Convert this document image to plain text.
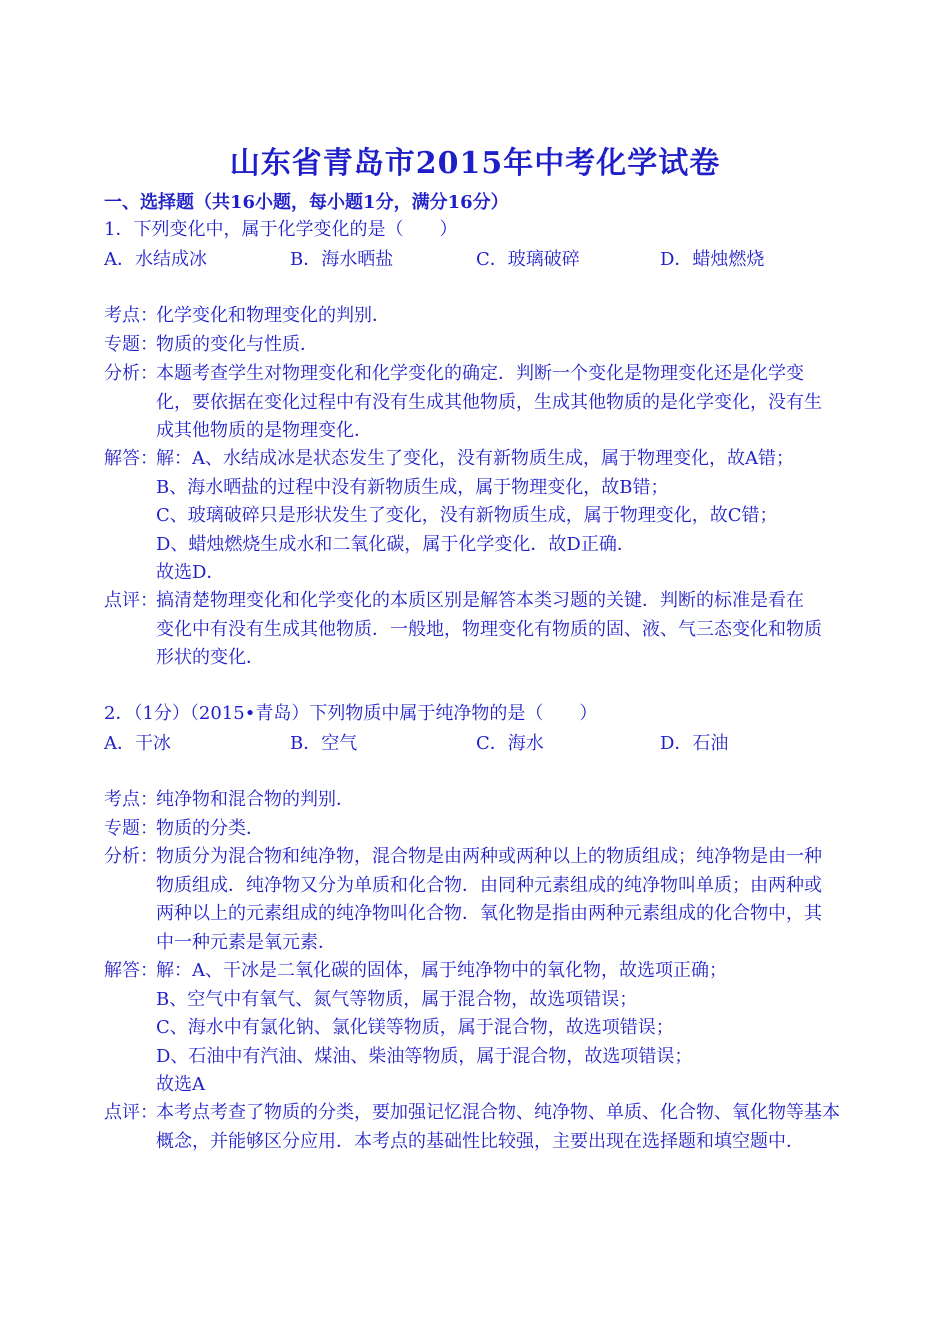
山东省青岛市2015年中考化学试卷
一、选择题（共16小题，每小题1分，满分16分）
1．下列变化中，属于化学变化的是（　　）
A．水结成冰	B．海水晒盐	C．玻璃破碎	D．蜡烛燃烧
考点：
化学变化和物理变化的判别．
专题：
物质的变化与性质．
分析：
本题考查学生对物理变化和化学变化的确定．判断一个变化是物理变化还是化学变
化，要依据在变化过程中有没有生成其他物质，生成其他物质的是化学变化，没有生
成其他物质的是物理变化．
解答：
解：A、水结成冰是状态发生了变化，没有新物质生成，属于物理变化，故A错；
B、海水晒盐的过程中没有新物质生成，属于物理变化，故B错；
C、玻璃破碎只是形状发生了变化，没有新物质生成，属于物理变化，故C错；
D、蜡烛燃烧生成水和二氧化碳，属于化学变化．故D正确．
故选D．
点评：
搞清楚物理变化和化学变化的本质区别是解答本类习题的关键．判断的标准是看在
变化中有没有生成其他物质．一般地，物理变化有物质的固、液、气三态变化和物质
形状的变化．
2．（1分）（2015•青岛）下列物质中属于纯净物的是（　　）
A．干冰	B．空气	C．海水	D．石油
考点：
纯净物和混合物的判别．
专题：
物质的分类．
分析：
物质分为混合物和纯净物，混合物是由两种或两种以上的物质组成；纯净物是由一种
物质组成．纯净物又分为单质和化合物．由同种元素组成的纯净物叫单质；由两种或
两种以上的元素组成的纯净物叫化合物．氧化物是指由两种元素组成的化合物中，其
中一种元素是氧元素．
解答：
解：A、干冰是二氧化碳的固体，属于纯净物中的氧化物，故选项正确；
B、空气中有氧气、氮气等物质，属于混合物，故选项错误；
C、海水中有氯化钠、氯化镁等物质，属于混合物，故选项错误；
D、石油中有汽油、煤油、柴油等物质，属于混合物，故选项错误；
故选A
点评：
本考点考查了物质的分类，要加强记忆混合物、纯净物、单质、化合物、氧化物等基本
概念，并能够区分应用．本考点的基础性比较强，主要出现在选择题和填空题中．
